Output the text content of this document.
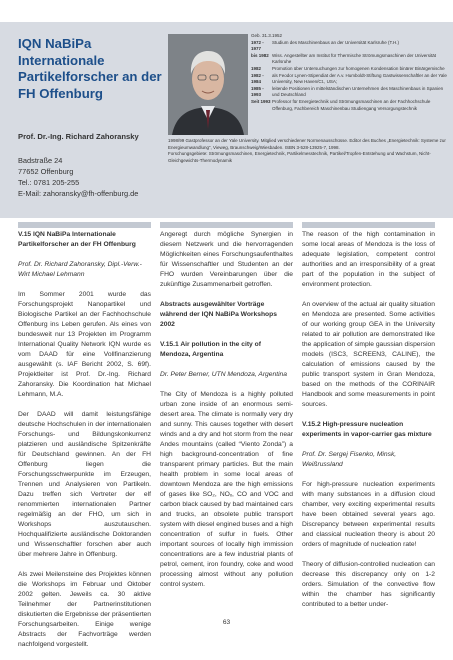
IQN NaBiPa
Internationale
Partikelforscher an der
FH Offenburg
Prof. Dr.-Ing. Richard Zahoransky
Badstraße 24
77652 Offenburg
Tel.: 0781 205-255
E-Mail: zahoransky@fh-offenburg.de
Geb. 31.3.1952
1972 - 1977
Studium des Maschinenbaus an der Universität Karlsruhe (T.H.)
bis 1982 Wiss. Angestellter am Institut für Thermische Strömungsmaschinen der Universität Karlsruhe
1982	Promotion über Untersuchungen zur homogenen Kondensation binärer Binärgemische
1982 - 1984
als Feodor Lynen-Stipendiat der A.v. Humboldt-Stiftung Gastwissenschaftler an der Yale University, New Haven/Ct., USA;
1985 - 1993
leitende Positionen in mittelständischen Unternehmen des Maschinenbaus in Spanien und Deutschland
Seit 1993 Professor für Energietechnik und Strömungsmaschinen an der Fachhochschule Offenburg, Fachbereich Maschinenbau Studiengang Versorgungstechnik
1998/99 Gastprofessor an der Yale University. Mitglied verschiedener Normenausschüsse. Editor des Buches „Energietechnik: Systeme zur Energieumwandlung“, Vieweg, Braunschweig/Wiesbaden. ISBN 3-528-13925-7, 1998.
Forschungsgebiete: Strömungsmaschinen, Energietechnik, Partikelmesstechnik, Partikel/Tropfen-Entstehung und Wachstum, Nicht-Gleichgewichts-Thermodynamik

V.15 IQN NaBiPa Internationale Partikelforscher an der FH Offenburg

Prof. Dr. Richard Zahoransky, Dipl.-Verw.-Wirt Michael Lehmann

Im Sommer 2001 wurde das Forschungsprojekt Nanopartikel und Biologische Partikel an der Fachhochschule Offenburg ins Leben gerufen. Als eines von bundesweit nur 13 Projekten im Programm International Quality Network IQN wurde es vom DAAD für eine Vollfinanzierung ausgewählt (s. IAF Bericht 2002, S. 69f). Projektleiter ist Prof. Dr.-Ing. Richard Zahoransky. Die Koordination hat Michael Lehmann, M.A.

Der DAAD will damit leistungsfähige deutsche Hochschulen in der internationalen Forschungs- und Bildungskonkurrenz platzieren und ausländische Spitzenkräfte für Deutschland gewinnen. An der FH Offenburg liegen die Forschungsschwerpunkte im Erzeugen, Trennen und Analysieren von Partikeln. Dazu treffen sich Vertreter der elf renommierten internationalen Partner regelmäßig an der FHO, um sich in Workshops auszutauschen. Hochqualifizierte ausländische Doktoranden und Wissenschaftler forschen aber auch über mehrere Jahre in Offenburg.

Als zwei Meilensteine des Projektes können die Workshops im Februar und Oktober 2002 gelten. Jeweils ca. 30 aktive Teilnehmer der Partnerinstitutionen diskutierten die Ergebnisse der präsentierten Forschungsarbeiten. Einige wenige Abstracts der Fachvorträge werden nachfolgend vorgestellt.

Angeregt durch mögliche Synergien in diesem Netzwerk und die hervorragenden Möglichkeiten eines Forschungsaufenthaltes für Wissenschaftler und Studenten an der FHO wurden Vereinbarungen über die zukünftige Zusammenarbeit getroffen.

Abstracts ausgewählter Vorträge während der IQN NaBiPa Workshops 2002

V.15.1 Air pollution in the city of Mendoza, Argentina

Dr. Peter Berner, UTN Mendoza, Argentina

The City of Mendoza is a highly polluted urban zone inside of an enormous semi-desert area. The climate is normally very dry and sunny. This causes together with desert winds and a dry and hot storm from the near Andes mountains (called “Viento Zonda”) a high background-concentration of fine transparent primary particles. But the main health problem in some local areas of downtown Mendoza are the high emissions of gases like SO₂, NOₓ, CO and VOC and carbon black caused by bad maintained cars and trucks, an obsolete public transport system with diesel engined buses and a high concentration of sulfur in fuels. Other important sources of locally high immission concentrations are a few industrial plants of petrol, cement, iron foundry, coke and wood processing almost without any pollution control system.

The reason of the high contamination in some local areas of Mendoza is the loss of adequate legislation, competent control authorities and an irresponsibility of a great part of the population in the subject of environment protection.

An overview of the actual air quality situation en Mendoza are presented. Some activities of our working group GEA in the University related to air pollution are demonstrated like the application of simple gaussian dispersion models (ISC3, SCREEN3, CALINE), the calculation of emissions caused by the public transport system in Gran Mendoza, based on the methods of the CORINAIR Handbook and some measurements in point sources.

V.15.2 High-pressure nucleation experiments in vapor-carrier gas mixture

Prof. Dr. Sergej Fisenko, Minsk, Weißrussland

For high-pressure nucleation experiments with many substances in a diffusion cloud chamber, very exciting experimental results have been obtained several years ago. Discrepancy between experimental results and classical nucleation theory is about 20 orders of magnitude of nucleation rate!

Theory of diffusion-controlled nucleation can decrease this discrepancy only on 1-2 orders. Simulation of the convective flow within the chamber has significantly contributed to a better under-

63
